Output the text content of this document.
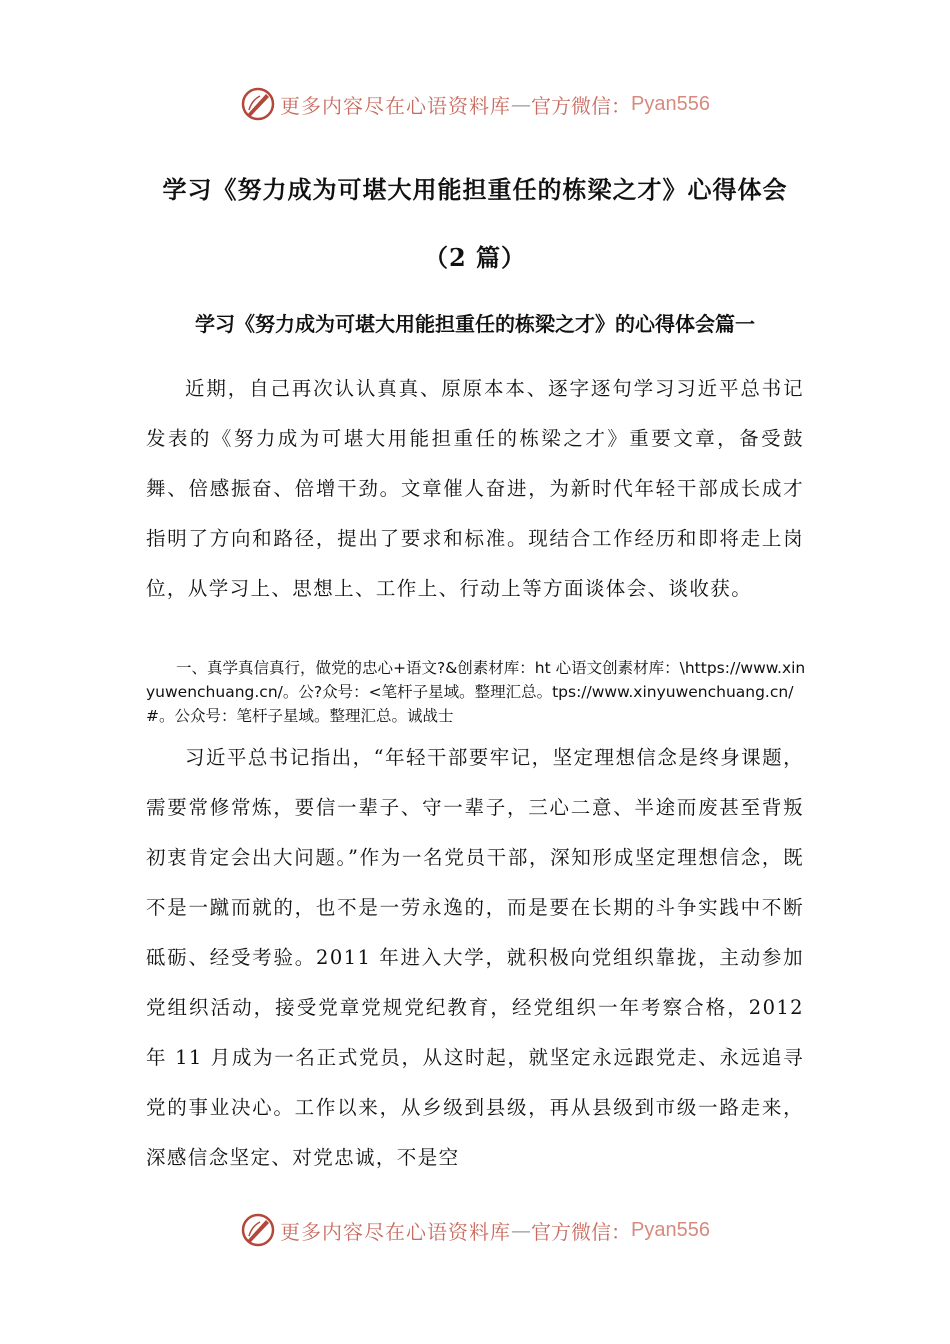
更多内容尽在心语资料库 — 官方微信： Pyan556
学习《努力成为可堪大用能担重任的栋梁之才》心得体会
（2 篇）
学习《努力成为可堪大用能担重任的栋梁之才》的心得体会篇一

近期，自己再次认认真真、原原本本、逐字逐句学习习近平总书记发表的《努力成为可堪大用能担重任的栋梁之才》重要文章，备受鼓舞、倍感振奋、倍增干劲。文章催人奋进，为新时代年轻干部成长成才指明了方向和路径，提出了要求和标准。现结合工作经历和即将走上岗位，从学习上、思想上、工作上、行动上等方面谈体会、谈收获。

一、真学真信真行，做党的忠心+语文?&创素材库：ht 心语文创素材库：\https://www.xinyuwenchuang.cn/。公?众号：<笔杆子星域。整理汇总。tps://www.xinyuwenchuang.cn/#。公众号：笔杆子星域。整理汇总。诚战士

习近平总书记指出，“年轻干部要牢记，坚定理想信念是终身课题，需要常修常炼，要信一辈子、守一辈子，三心二意、半途而废甚至背叛初衷肯定会出大问题。”作为一名党员干部，深知形成坚定理想信念，既不是一蹴而就的，也不是一劳永逸的，而是要在长期的斗争实践中不断砥砺、经受考验。2011 年进入大学，就积极向党组织靠拢，主动参加党组织活动，接受党章党规党纪教育，经党组织一年考察合格，2012 年 11 月成为一名正式党员，从这时起，就坚定永远跟党走、永远追寻党的事业决心。工作以来，从乡级到县级，再从县级到市级一路走来，深感信念坚定、对党忠诚，不是空

更多内容尽在心语资料库 — 官方微信： Pyan556
